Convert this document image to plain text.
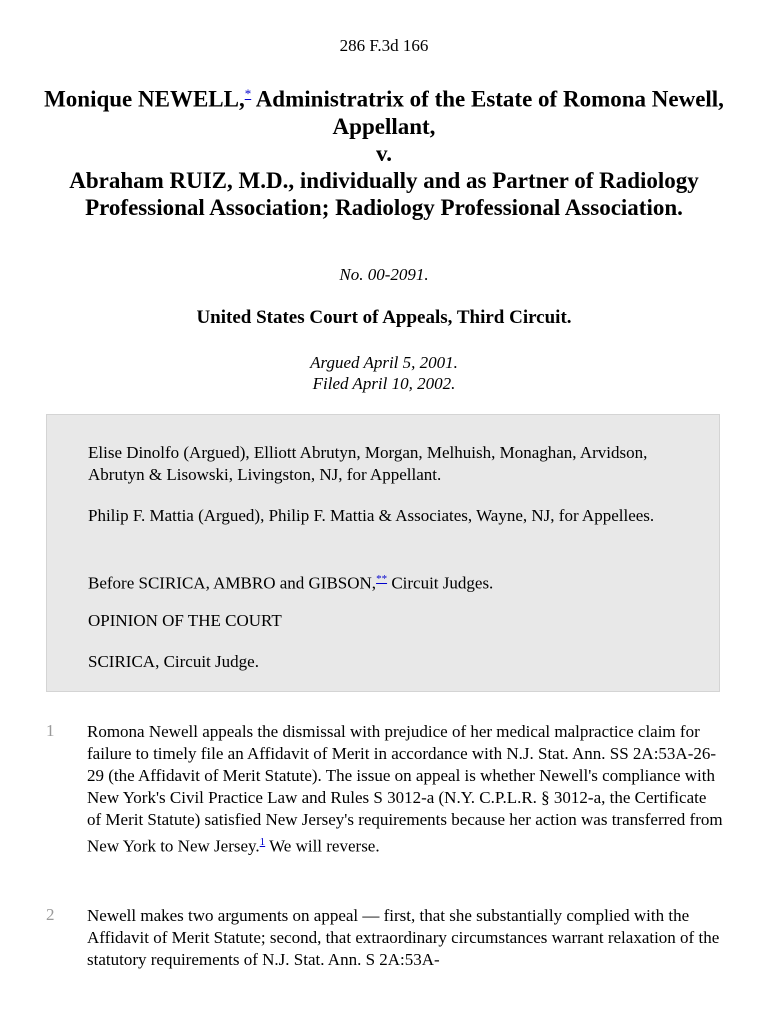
286 F.3d 166

Monique NEWELL,* Administratrix of the Estate of Romona Newell, Appellant,

v.

Abraham RUIZ, M.D., individually and as Partner of Radiology Professional Association; Radiology Professional Association.

No. 00-2091.
United States Court of Appeals, Third Circuit.
Argued April 5, 2001.
Filed April 10, 2002.

Elise Dinolfo (Argued), Elliott Abrutyn, Morgan, Melhuish, Monaghan, Arvidson, Abrutyn & Lisowski, Livingston, NJ, for Appellant.

Philip F. Mattia (Argued), Philip F. Mattia & Associates, Wayne, NJ, for Appellees.

Before SCIRICA, AMBRO and GIBSON,** Circuit Judges.

OPINION OF THE COURT

SCIRICA, Circuit Judge.

1 Romona Newell appeals the dismissal with prejudice of her medical malpractice claim for failure to timely file an Affidavit of Merit in accordance with N.J. Stat. Ann. SS 2A:53A-26-29 (the Affidavit of Merit Statute). The issue on appeal is whether Newell's compliance with New York's Civil Practice Law and Rules S 3012-a (N.Y. C.P.L.R. § 3012-a, the Certificate of Merit Statute) satisfied New Jersey's requirements because her action was transferred from New York to New Jersey.$^1$ We will reverse.
2 Newell makes two arguments on appeal — first, that she substantially complied with the Affidavit of Merit Statute; second, that extraordinary circumstances warrant relaxation of the statutory requirements of N.J. Stat. Ann. S 2A:53A-
